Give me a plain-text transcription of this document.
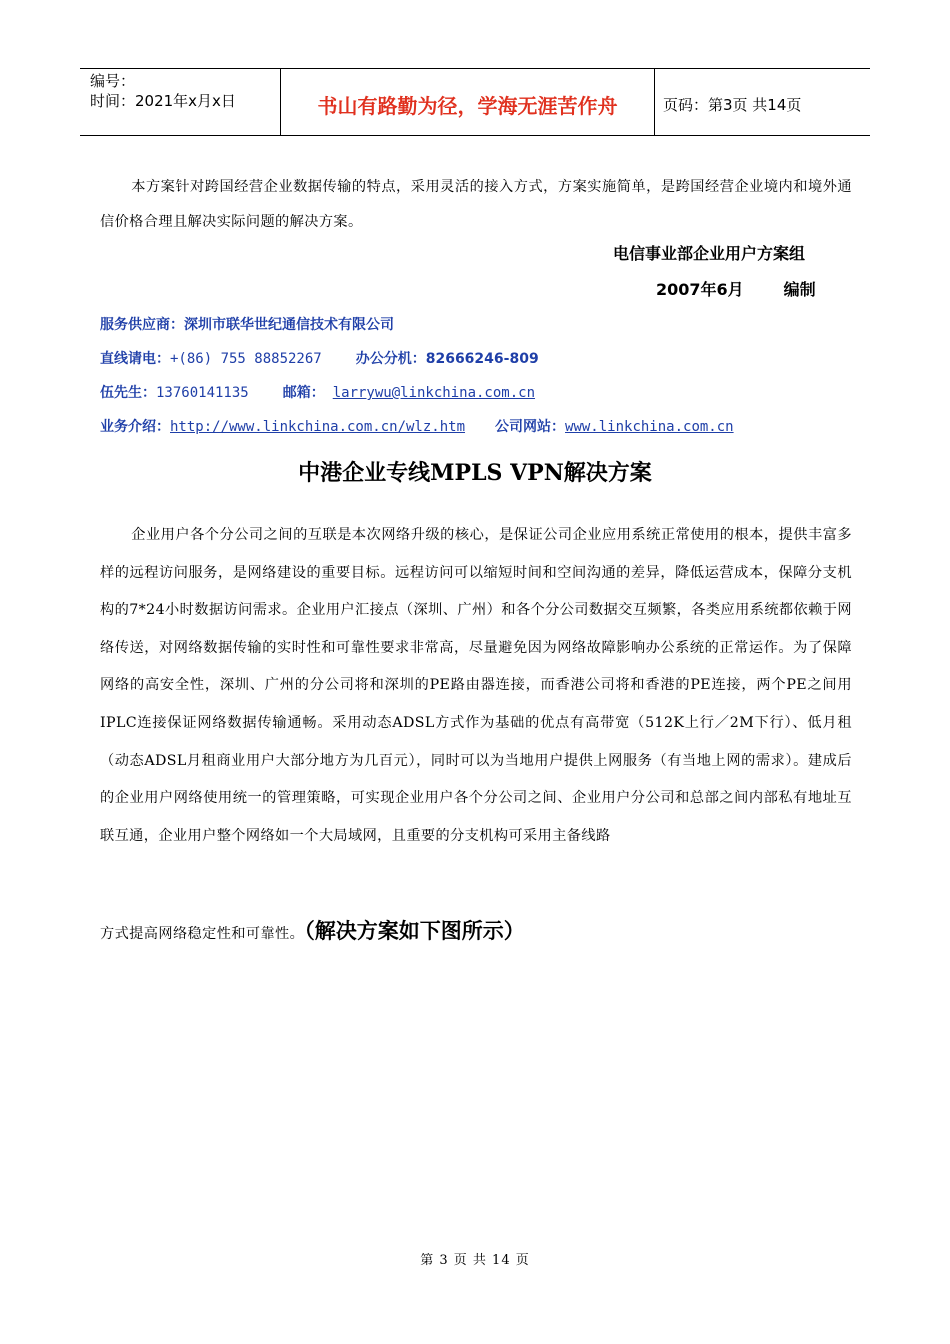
编号：
时间：2021年x月x日	书山有路勤为径，学海无涯苦作舟	页码：第3页 共14页

本方案针对跨国经营企业数据传输的特点，采用灵活的接入方式，方案实施简单，是跨国经营企业境内和境外通信价格合理且解决实际问题的解决方案。

电信事业部企业用户方案组
2007年6月	编制
服务供应商：深圳市联华世纪通信技术有限公司
直线请电：+(86) 755 88852267 办公分机：82666246-809
伍先生：13760141135 邮箱： larrywu@linkchina.com.cn
业务介绍：http://www.linkchina.com.cn/wlz.htm 公司网站：www.linkchina.com.cn
中港企业专线MPLS VPN解决方案

企业用户各个分公司之间的互联是本次网络升级的核心，是保证公司企业应用系统正常使用的根本，提供丰富多样的远程访问服务，是网络建设的重要目标。远程访问可以缩短时间和空间沟通的差异，降低运营成本，保障分支机构的7*24小时数据访问需求。企业用户汇接点（深圳、广州）和各个分公司数据交互频繁，各类应用系统都依赖于网络传送，对网络数据传输的实时性和可靠性要求非常高，尽量避免因为网络故障影响办公系统的正常运作。为了保障网络的高安全性，深圳、广州的分公司将和深圳的PE路由器连接，而香港公司将和香港的PE连接，两个PE之间用IPLC连接保证网络数据传输通畅。采用动态ADSL方式作为基础的优点有高带宽（512K上行／2M下行）、低月租（动态ADSL月租商业用户大部分地方为几百元），同时可以为当地用户提供上网服务（有当地上网的需求）。建成后的企业用户网络使用统一的管理策略，可实现企业用户各个分公司之间、企业用户分公司和总部之间内部私有地址互联互通，企业用户整个网络如一个大局域网，且重要的分支机构可采用主备线路

方式提高网络稳定性和可靠性。（解决方案如下图所示）
第 3 页 共 14 页
